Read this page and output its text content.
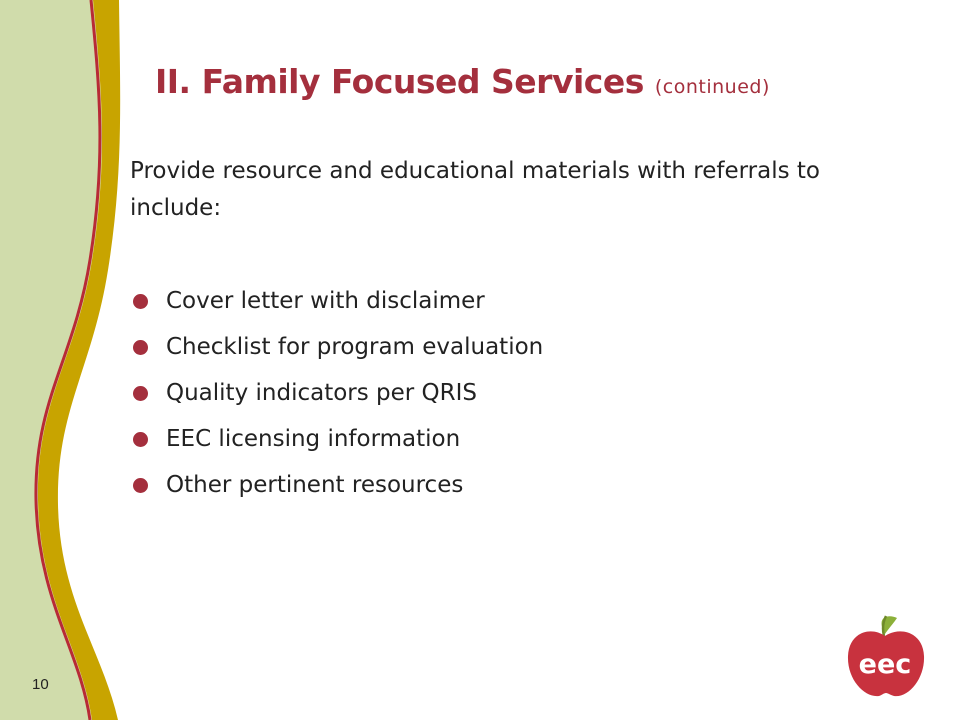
II. Family Focused Services (continued)

Provide resource and educational materials with referrals to include:

Cover letter with disclaimer
Checklist for program evaluation
Quality indicators per QRIS
EEC licensing information
Other pertinent resources
10
eec
